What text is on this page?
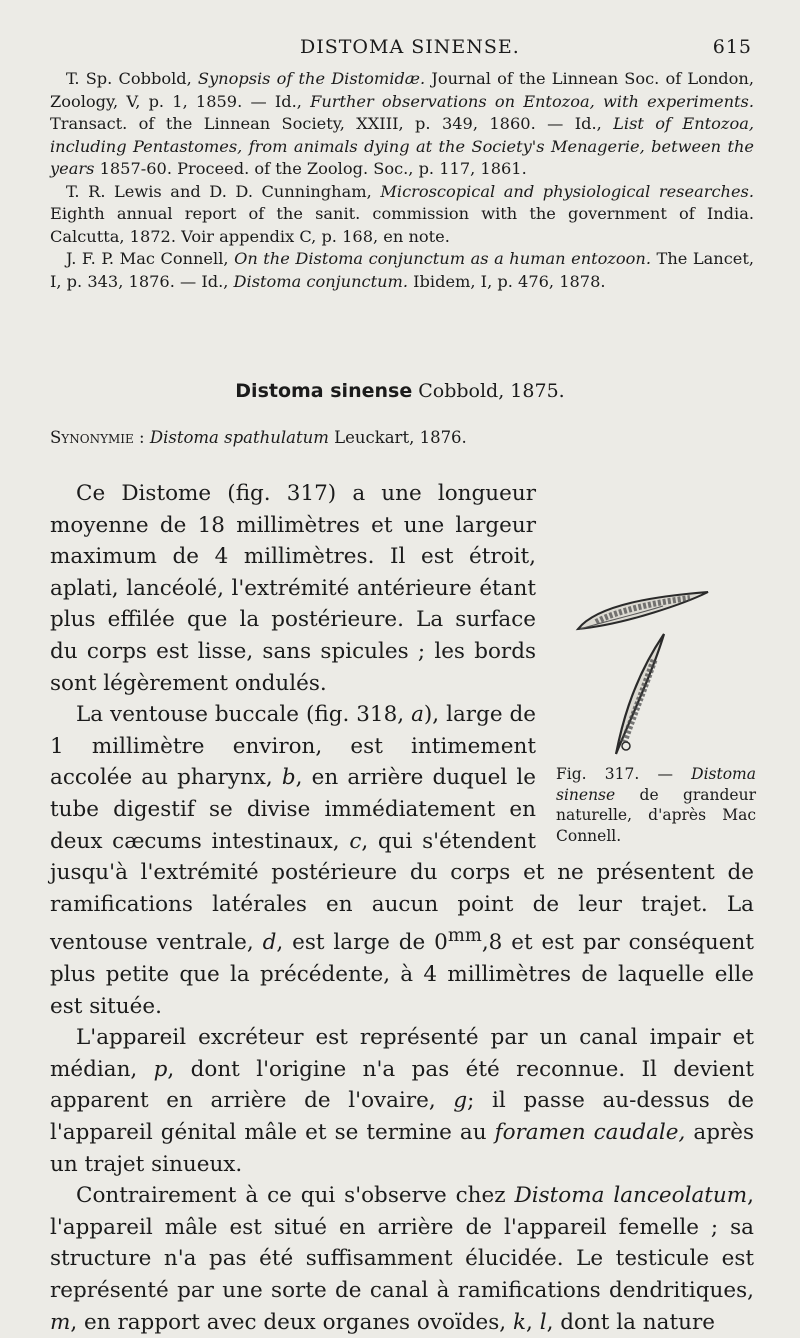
DISTOMA SINENSE.	615

T. Sp. Cobbold, Synopsis of the Distomidæ. Journal of the Linnean Soc. of London, Zoology, V, p. 1, 1859. — Id., Further observations on Entozoa, with experiments. Transact. of the Linnean Society, XXIII, p. 349, 1860. — Id., List of Entozoa, including Pentastomes, from animals dying at the Society's Menagerie, between the years 1857-60. Proceed. of the Zoolog. Soc., p. 117, 1861.

T. R. Lewis and D. D. Cunningham, Microscopical and physiological researches. Eighth annual report of the sanit. commission with the government of India. Calcutta, 1872. Voir appendix C, p. 168, en note.

J. F. P. Mac Connell, On the Distoma conjunctum as a human entozoon. The Lancet, I, p. 343, 1876. — Id., Distoma conjunctum. Ibidem, I, p. 476, 1878.

Distoma sinense Cobbold, 1875.
Synonymie : Distoma spathulatum Leuckart, 1876.
Fig. 317. — Distoma sinense de grandeur naturelle, d'après Mac Connell.

Ce Distome (fig. 317) a une longueur moyenne de 18 millimètres et une largeur maximum de 4 millimètres. Il est étroit, aplati, lancéolé, l'extrémité antérieure étant plus effilée que la postérieure. La surface du corps est lisse, sans spicules ; les bords sont légèrement ondulés.

La ventouse buccale (fig. 318, a), large de 1 millimètre environ, est intimement accolée au pharynx, b, en arrière duquel le tube digestif se divise immédiatement en deux cæcums intestinaux, c, qui s'étendent jusqu'à l'extrémité postérieure du corps et ne présentent de ramifications latérales en aucun point de leur trajet. La ventouse ventrale, d, est large de $0^{mm},8$ et est par conséquent plus petite que la précédente, à 4 millimètres de laquelle elle est située.

L'appareil excréteur est représenté par un canal impair et médian, p, dont l'origine n'a pas été reconnue. Il devient apparent en arrière de l'ovaire, g; il passe au-dessus de l'appareil génital mâle et se termine au foramen caudale, après un trajet sinueux.

Contrairement à ce qui s'observe chez Distoma lanceolatum, l'appareil mâle est situé en arrière de l'appareil femelle ; sa structure n'a pas été suffisamment élucidée. Le testicule est représenté par une sorte de canal à ramifications dendritiques, m, en rapport avec deux organes ovoïdes, k, l, dont la nature
